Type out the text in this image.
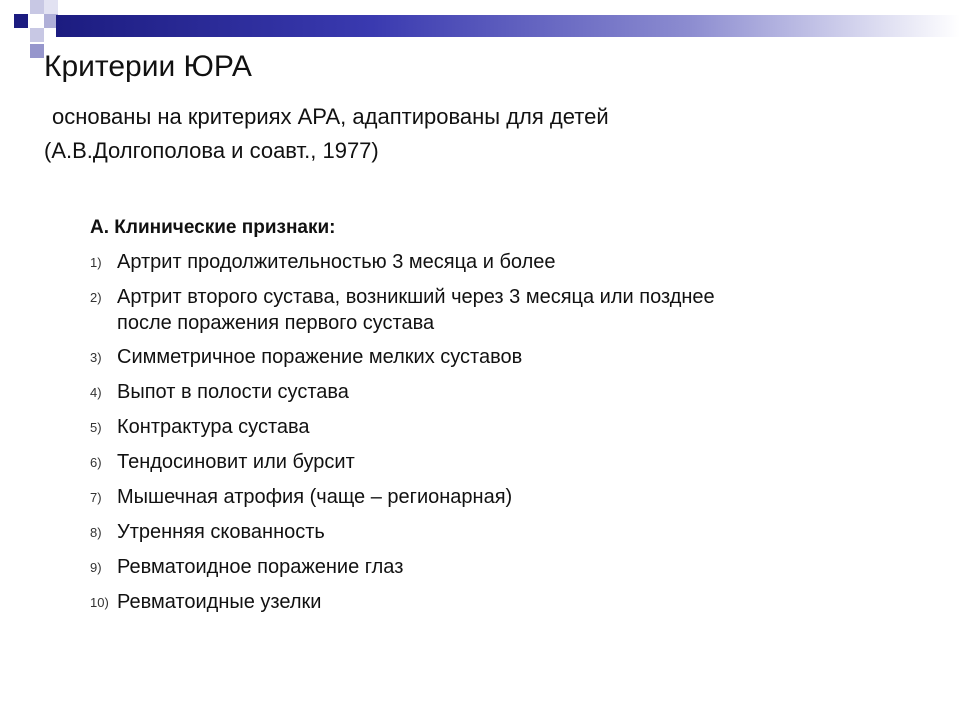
Критерии ЮРА

основаны на критериях АРА, адаптированы для детей
(А.В.Долгополова и соавт., 1977)

А. Клинические признаки:
1) Артрит продолжительностью 3 месяца и более
2) Артрит второго сустава, возникший через 3 месяца или позднее
после поражения первого сустава
3) Симметричное поражение мелких суставов
4) Выпот в полости сустава
5) Контрактура сустава
6) Тендосиновит или бурсит
7) Мышечная атрофия (чаще – регионарная)
8) Утренняя скованность
9) Ревматоидное поражение глаз
10) Ревматоидные узелки
